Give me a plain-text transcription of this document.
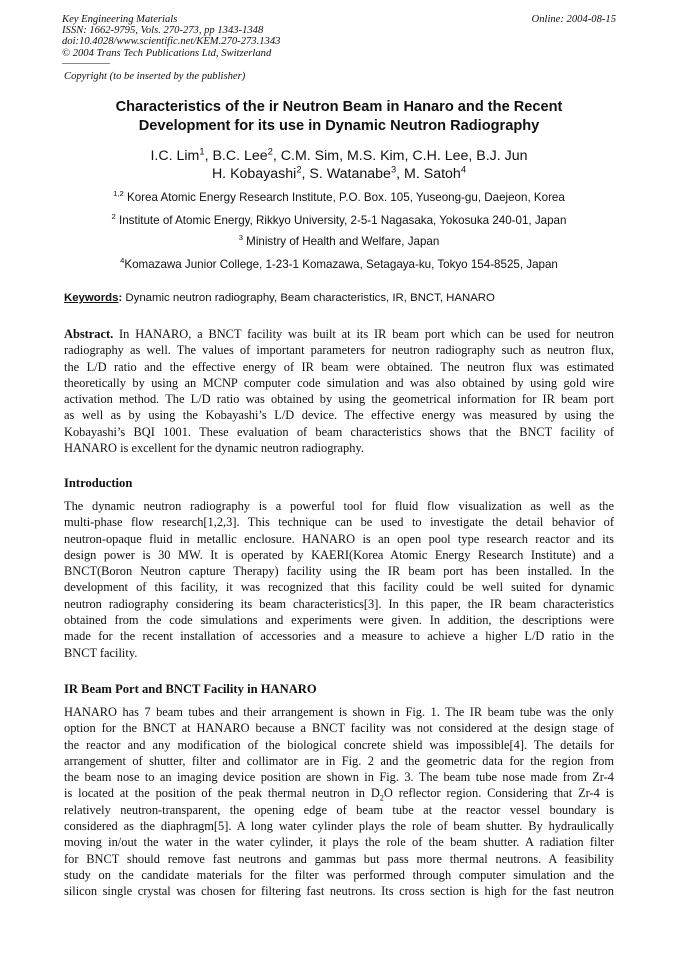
Key Engineering Materials
ISSN: 1662-9795, Vols. 270-273, pp 1343-1348
doi:10.4028/www.scientific.net/KEM.270-273.1343
© 2004 Trans Tech Publications Ltd, Switzerland
Online: 2004-08-15
Copyright (to be inserted by the publisher)
Characteristics of the ir Neutron Beam in Hanaro and the Recent
Development for its use in Dynamic Neutron Radiography
I.C. Lim$^1$, B.C. Lee$^2$, C.M. Sim, M.S. Kim, C.H. Lee, B.J. Jun
H. Kobayashi$^2$, S. Watanabe$^3$, M. Satoh$^4$
$^{1,2}$ Korea Atomic Energy Research Institute, P.O. Box. 105, Yuseong-gu, Daejeon, Korea
$^2$ Institute of Atomic Energy, Rikkyo University, 2-5-1 Nagasaka, Yokosuka 240-01, Japan
$^3$ Ministry of Health and Welfare, Japan
$^4$Komazawa Junior College, 1-23-1 Komazawa, Setagaya-ku, Tokyo 154-8525, Japan
Keywords: Dynamic neutron radiography, Beam characteristics, IR, BNCT, HANARO
Abstract. In HANARO, a BNCT facility was built at its IR beam port which can be used for neutron
radiography as well. The values of important parameters for neutron radiography such as neutron flux,
the L/D ratio and the effective energy of IR beam were obtained. The neutron flux was estimated
theoretically by using an MCNP computer code simulation and was also obtained by using gold wire
activation method. The L/D ratio was obtained by using the geometrical information for IR beam port
as well as by using the Kobayashi’s L/D device. The effective energy was measured by using the
Kobayashi’s BQI 1001. These evaluation of beam characteristics shows that the BNCT facility of
HANARO is excellent for the dynamic neutron radiography.
Introduction
The dynamic neutron radiography is a powerful tool for fluid flow visualization as well as the
multi-phase flow research[1,2,3]. This technique can be used to investigate the detail behavior of
neutron-opaque fluid in metallic enclosure. HANARO is an open pool type research reactor and its
design power is 30 MW. It is operated by KAERI(Korea Atomic Energy Research Institute) and a
BNCT(Boron Neutron capture Therapy) facility using the IR beam port has been installed. In the
development of this facility, it was recognized that this facility could be well suited for dynamic
neutron radiography considering its beam characteristics[3]. In this paper, the IR beam characteristics
obtained from the code simulations and experiments were given. In addition, the descriptions were
made for the recent installation of accessories and a measure to achieve a higher L/D ratio in the
BNCT facility.
IR Beam Port and BNCT Facility in HANARO
HANARO has 7 beam tubes and their arrangement is shown in Fig. 1. The IR beam tube was the only
option for the BNCT at HANARO because a BNCT facility was not considered at the design stage of
the reactor and any modification of the biological concrete shield was impossible[4]. The details for
arrangement of shutter, filter and collimator are in Fig. 2 and the geometric data for the region from
the beam nose to an imaging device position are shown in Fig. 3. The beam tube nose made from Zr-4
is located at the position of the peak thermal neutron in $D_2O$ reflector region. Considering that Zr-4 is
relatively neutron-transparent, the opening edge of beam tube at the reactor vessel boundary is
considered as the diaphragm[5]. A long water cylinder plays the role of beam shutter. By hydraulically
moving in/out the water in the water cylinder, it plays the role of the beam shutter. A radiation filter
for BNCT should remove fast neutrons and gammas but pass more thermal neutrons. A feasibility
study on the candidate materials for the filter was performed through computer simulation and the
silicon single crystal was chosen for filtering fast neutrons. Its cross section is high for the fast neutron
